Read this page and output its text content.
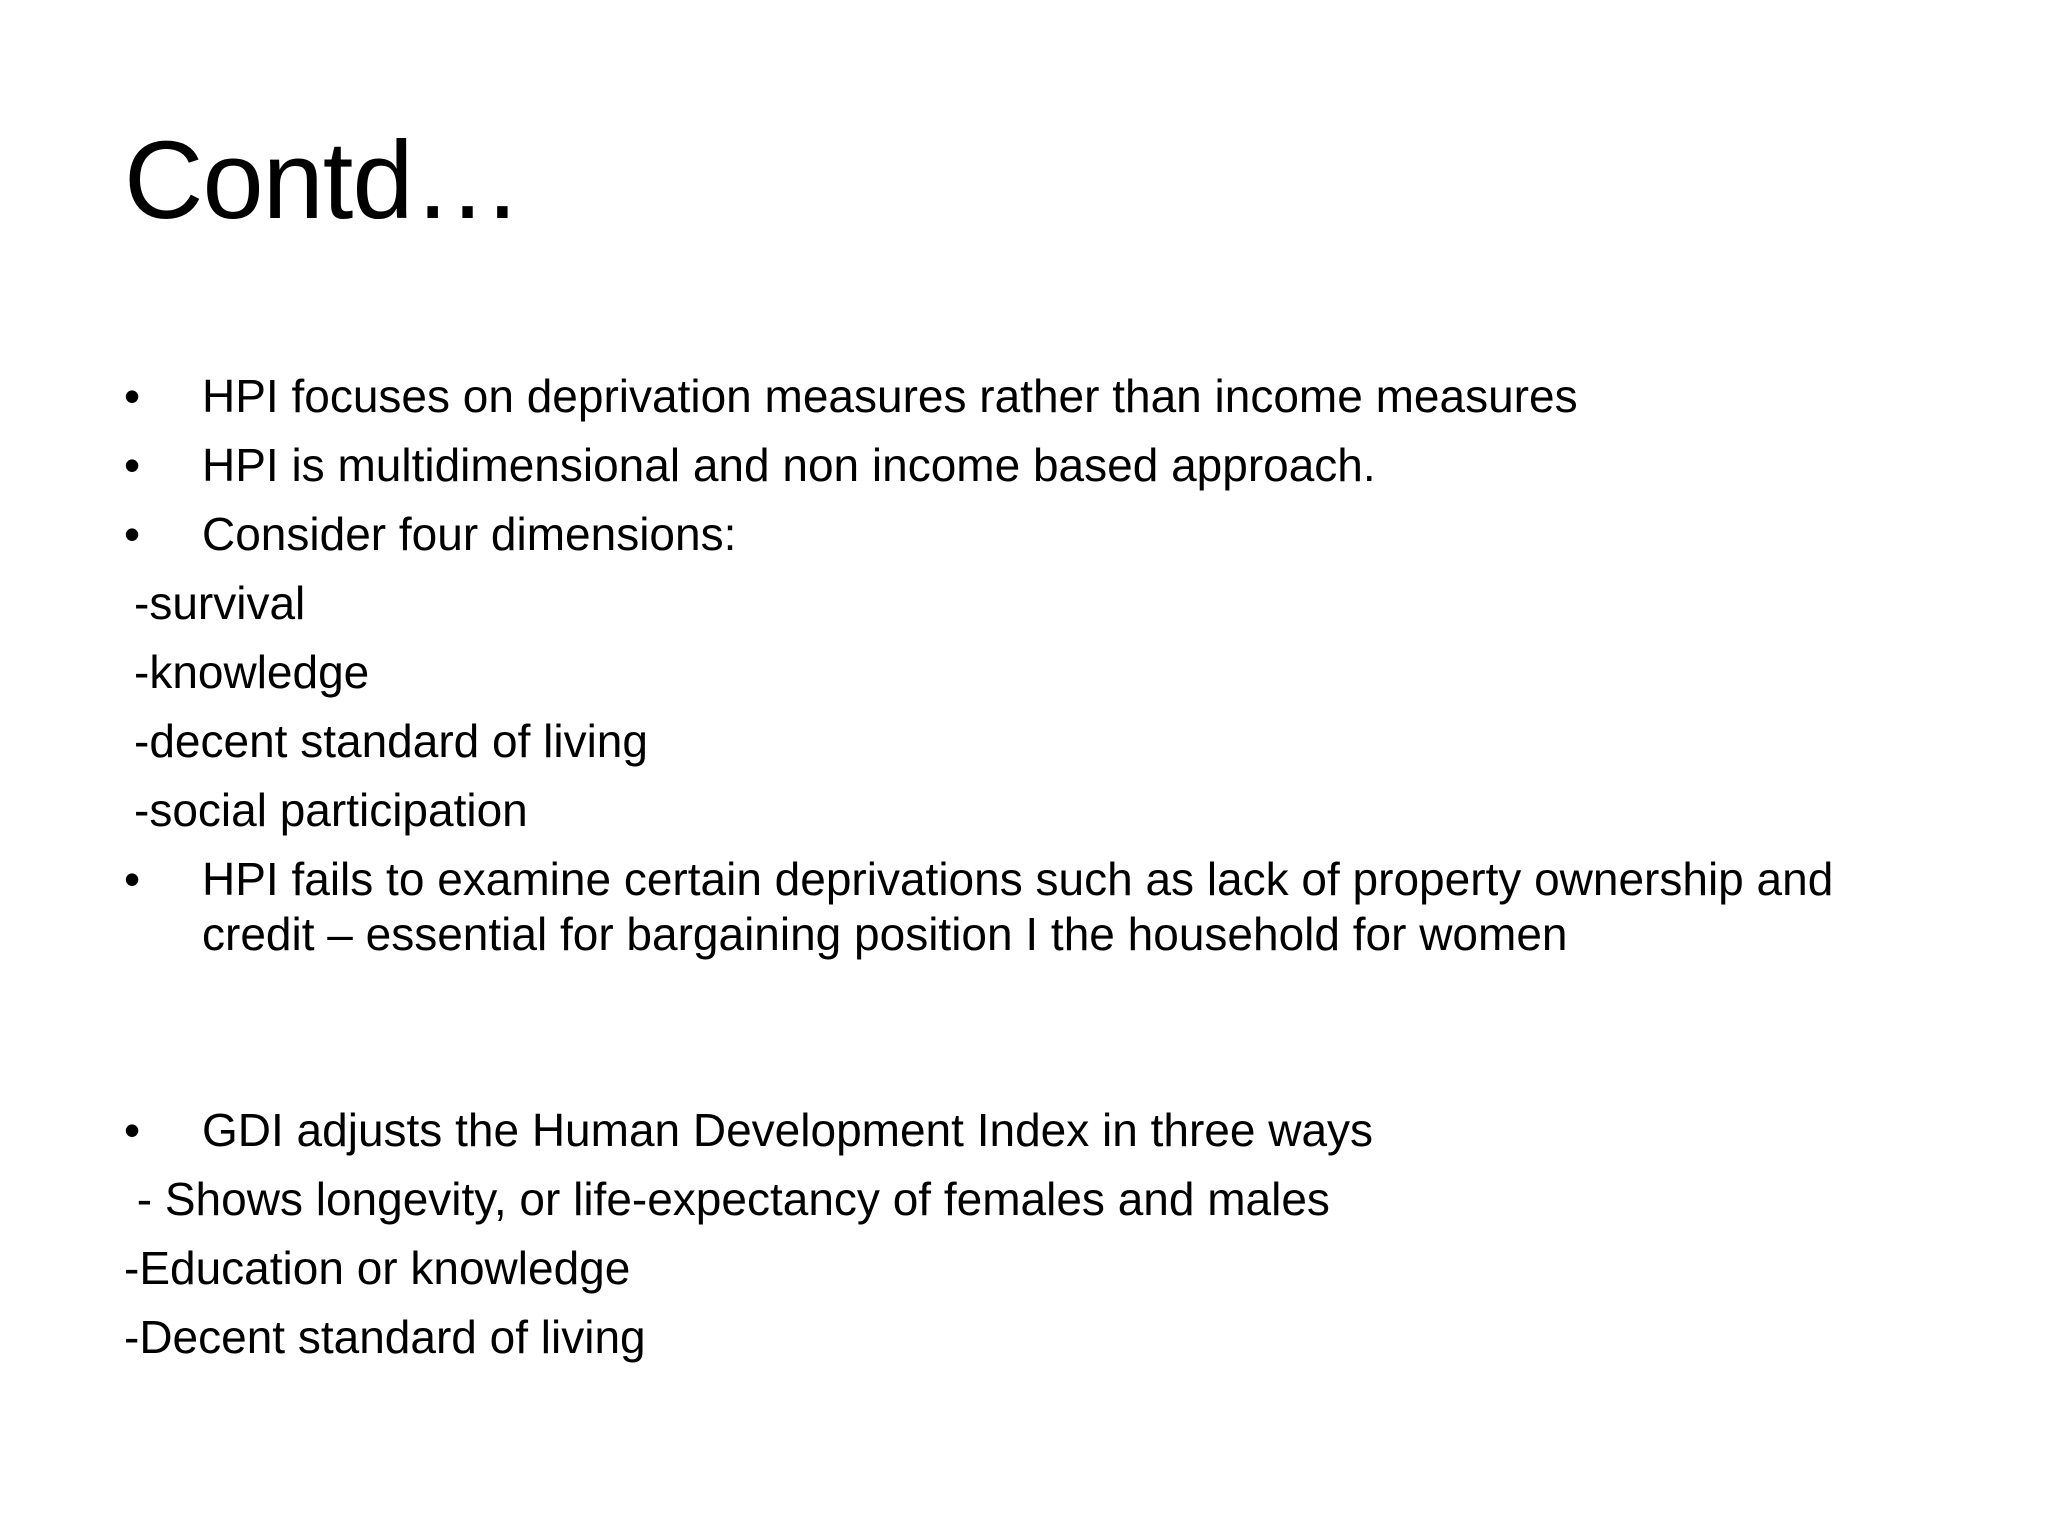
Contd…
• HPI focuses on deprivation measures rather than income measures
• HPI is multidimensional and non income based approach.
• Consider four dimensions:
-survival
-knowledge
-decent standard of living
-social participation
• HPI fails to examine certain deprivations such as lack of property ownership and credit – essential for bargaining position I the household for women
• GDI adjusts the Human Development Index in three ways
- Shows longevity, or life-expectancy of females and males
-Education or knowledge
-Decent standard of living
